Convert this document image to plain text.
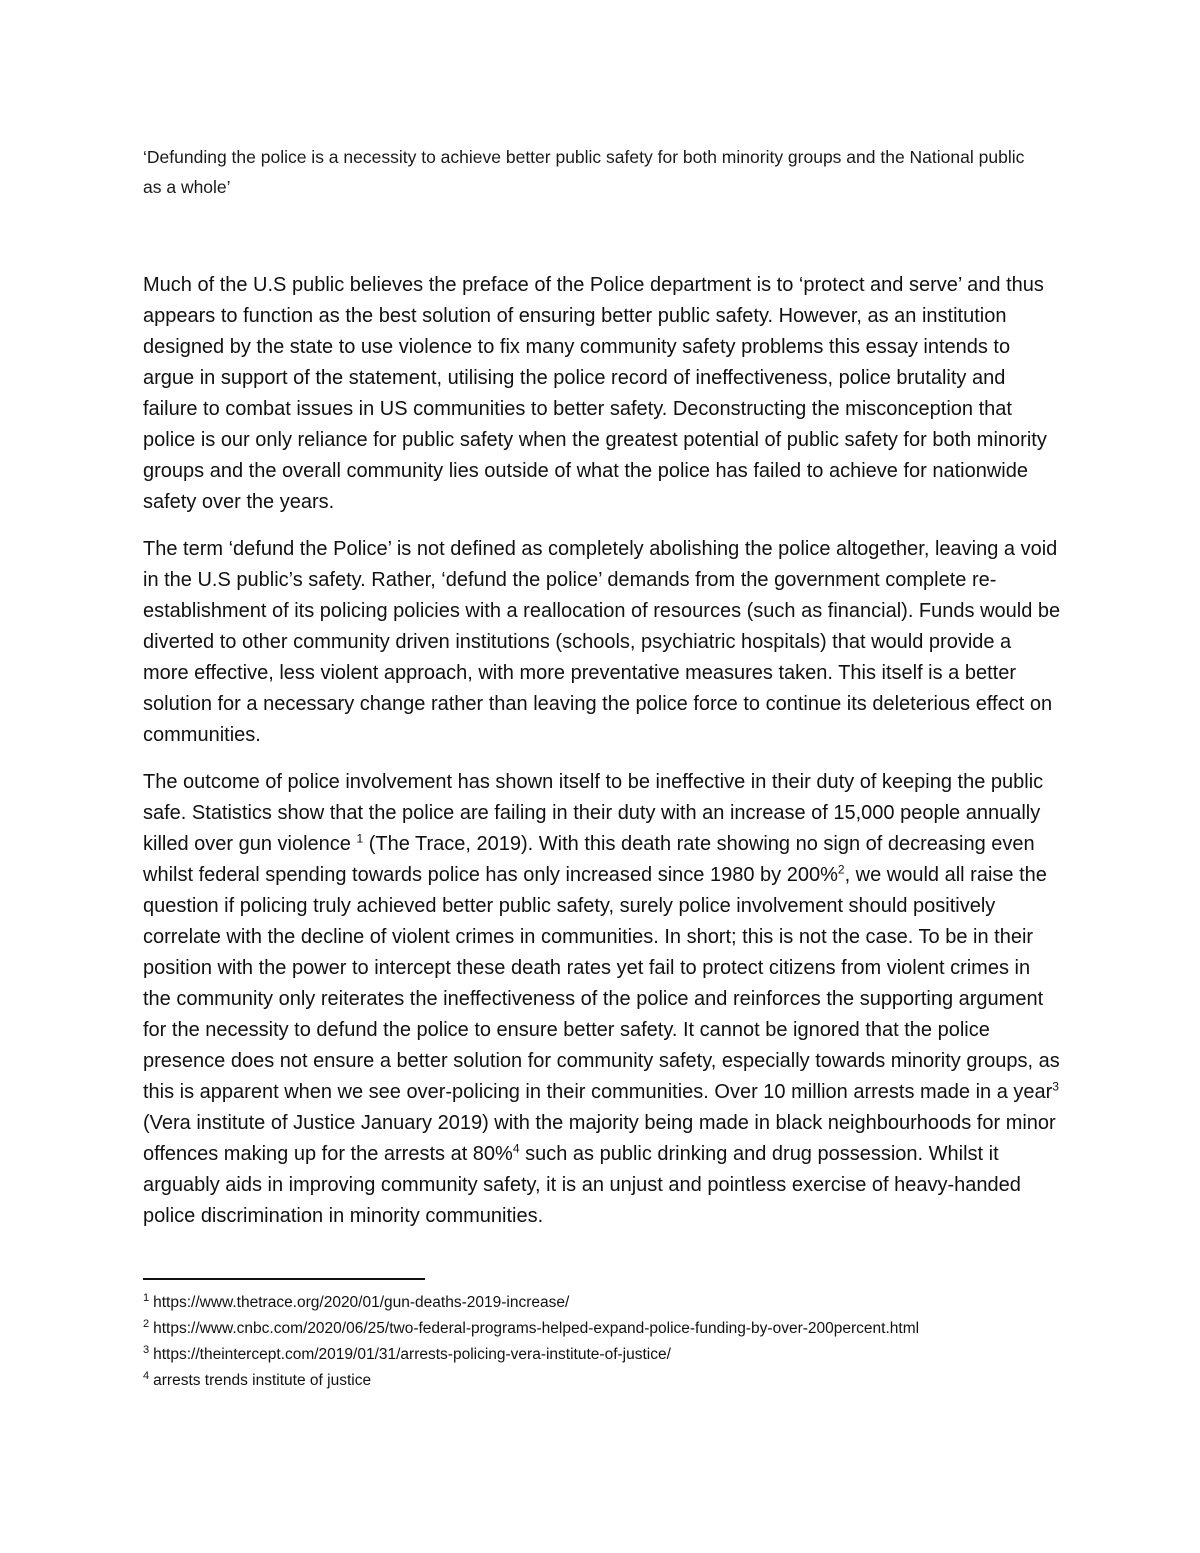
‘Defunding the police is a necessity to achieve better public safety for both minority groups and the National public as a whole’

Much of the U.S public believes the preface of the Police department is to ‘protect and serve’ and thus appears to function as the best solution of ensuring better public safety. However, as an institution designed by the state to use violence to fix many community safety problems this essay intends to argue in support of the statement, utilising the police record of ineffectiveness, police brutality and failure to combat issues in US communities to better safety. Deconstructing the misconception that police is our only reliance for public safety when the greatest potential of public safety for both minority groups and the overall community lies outside of what the police has failed to achieve for nationwide safety over the years.

The term ‘defund the Police’ is not defined as completely abolishing the police altogether, leaving a void in the U.S public’s safety. Rather, ‘defund the police’ demands from the government complete re-establishment of its policing policies with a reallocation of resources (such as financial). Funds would be diverted to other community driven institutions (schools, psychiatric hospitals) that would provide a more effective, less violent approach, with more preventative measures taken. This itself is a better solution for a necessary change rather than leaving the police force to continue its deleterious effect on communities.

The outcome of police involvement has shown itself to be ineffective in their duty of keeping the public safe. Statistics show that the police are failing in their duty with an increase of 15,000 people annually killed over gun violence $^1$ (The Trace, 2019). With this death rate showing no sign of decreasing even whilst federal spending towards police has only increased since 1980 by 200%$^2$, we would all raise the question if policing truly achieved better public safety, surely police involvement should positively correlate with the decline of violent crimes in communities. In short; this is not the case. To be in their position with the power to intercept these death rates yet fail to protect citizens from violent crimes in the community only reiterates the ineffectiveness of the police and reinforces the supporting argument for the necessity to defund the police to ensure better safety. It cannot be ignored that the police presence does not ensure a better solution for community safety, especially towards minority groups, as this is apparent when we see over-policing in their communities. Over 10 million arrests made in a year$^3$ (Vera institute of Justice January 2019) with the majority being made in black neighbourhoods for minor offences making up for the arrests at 80%$^4$ such as public drinking and drug possession. Whilst it arguably aids in improving community safety, it is an unjust and pointless exercise of heavy-handed police discrimination in minority communities.

$^1$ https://www.thetrace.org/2020/01/gun-deaths-2019-increase/

$^2$ https://www.cnbc.com/2020/06/25/two-federal-programs-helped-expand-police-funding-by-over-200percent.html

$^3$ https://theintercept.com/2019/01/31/arrests-policing-vera-institute-of-justice/

$^4$ arrests trends institute of justice
